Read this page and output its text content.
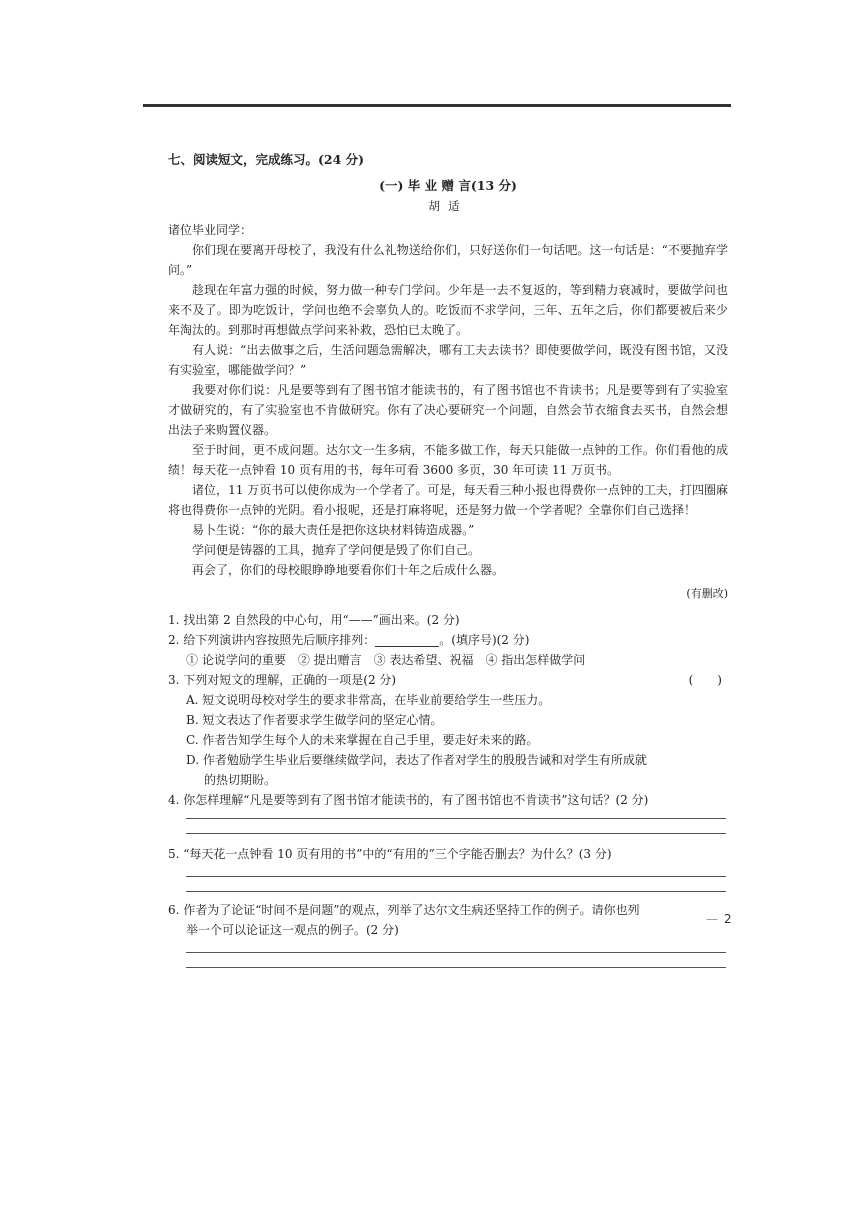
七、阅读短文，完成练习。(24 分)

(一) 毕 业 赠 言(13 分)

胡适

诸位毕业同学：

你们现在要离开母校了，我没有什么礼物送给你们，只好送你们一句话吧。这一句话是：“不要抛弃学问。”

趁现在年富力强的时候，努力做一种专门学问。少年是一去不复返的，等到精力衰减时，要做学问也来不及了。即为吃饭计，学问也绝不会辜负人的。吃饭而不求学问，三年、五年之后，你们都要被后来少年淘汰的。到那时再想做点学问来补救，恐怕已太晚了。

有人说：“出去做事之后，生活问题急需解决，哪有工夫去读书？即使要做学问，既没有图书馆，又没有实验室，哪能做学问？”

我要对你们说：凡是要等到有了图书馆才能读书的，有了图书馆也不肯读书；凡是要等到有了实验室才做研究的，有了实验室也不肯做研究。你有了决心要研究一个问题，自然会节衣缩食去买书，自然会想出法子来购置仪器。

至于时间，更不成问题。达尔文一生多病，不能多做工作，每天只能做一点钟的工作。你们看他的成绩！每天花一点钟看 10 页有用的书，每年可看 3600 多页，30 年可读 11 万页书。

诸位，11 万页书可以使你成为一个学者了。可是，每天看三种小报也得费你一点钟的工夫，打四圈麻将也得费你一点钟的光阴。看小报呢，还是打麻将呢，还是努力做一个学者呢？全靠你们自己选择！

易卜生说：“你的最大责任是把你这块材料铸造成器。”

学问便是铸器的工具，抛弃了学问便是毁了你们自己。

再会了，你们的母校眼睁睁地要看你们十年之后成什么器。

(有删改)

1. 找出第 2 自然段的中心句，用“——”画出来。(2 分)

2. 给下列演讲内容按照先后顺序排列：	。(填序号)(2 分)

① 论说学问的重要　② 提出赠言　③ 表达希望、祝福　④ 指出怎样做学问

3. 下列对短文的理解，正确的一项是(2 分)	(　　)

A. 短文说明母校对学生的要求非常高，在毕业前要给学生一些压力。

B. 短文表达了作者要求学生做学问的坚定心情。

C. 作者告知学生每个人的未来掌握在自己手里，要走好未来的路。

D. 作者勉励学生毕业后要继续做学问，表达了作者对学生的殷殷告诫和对学生有所成就

的热切期盼。

4. 你怎样理解“凡是要等到有了图书馆才能读书的，有了图书馆也不肯读书”这句话？(2 分)

5. “每天花一点钟看 10 页有用的书”中的“有用的”三个字能否删去？为什么？(3 分)

6. 作者为了论证“时间不是问题”的观点，列举了达尔文生病还坚持工作的例子。请你也列

举一个可以论证这一观点的例子。(2 分)

— 2
